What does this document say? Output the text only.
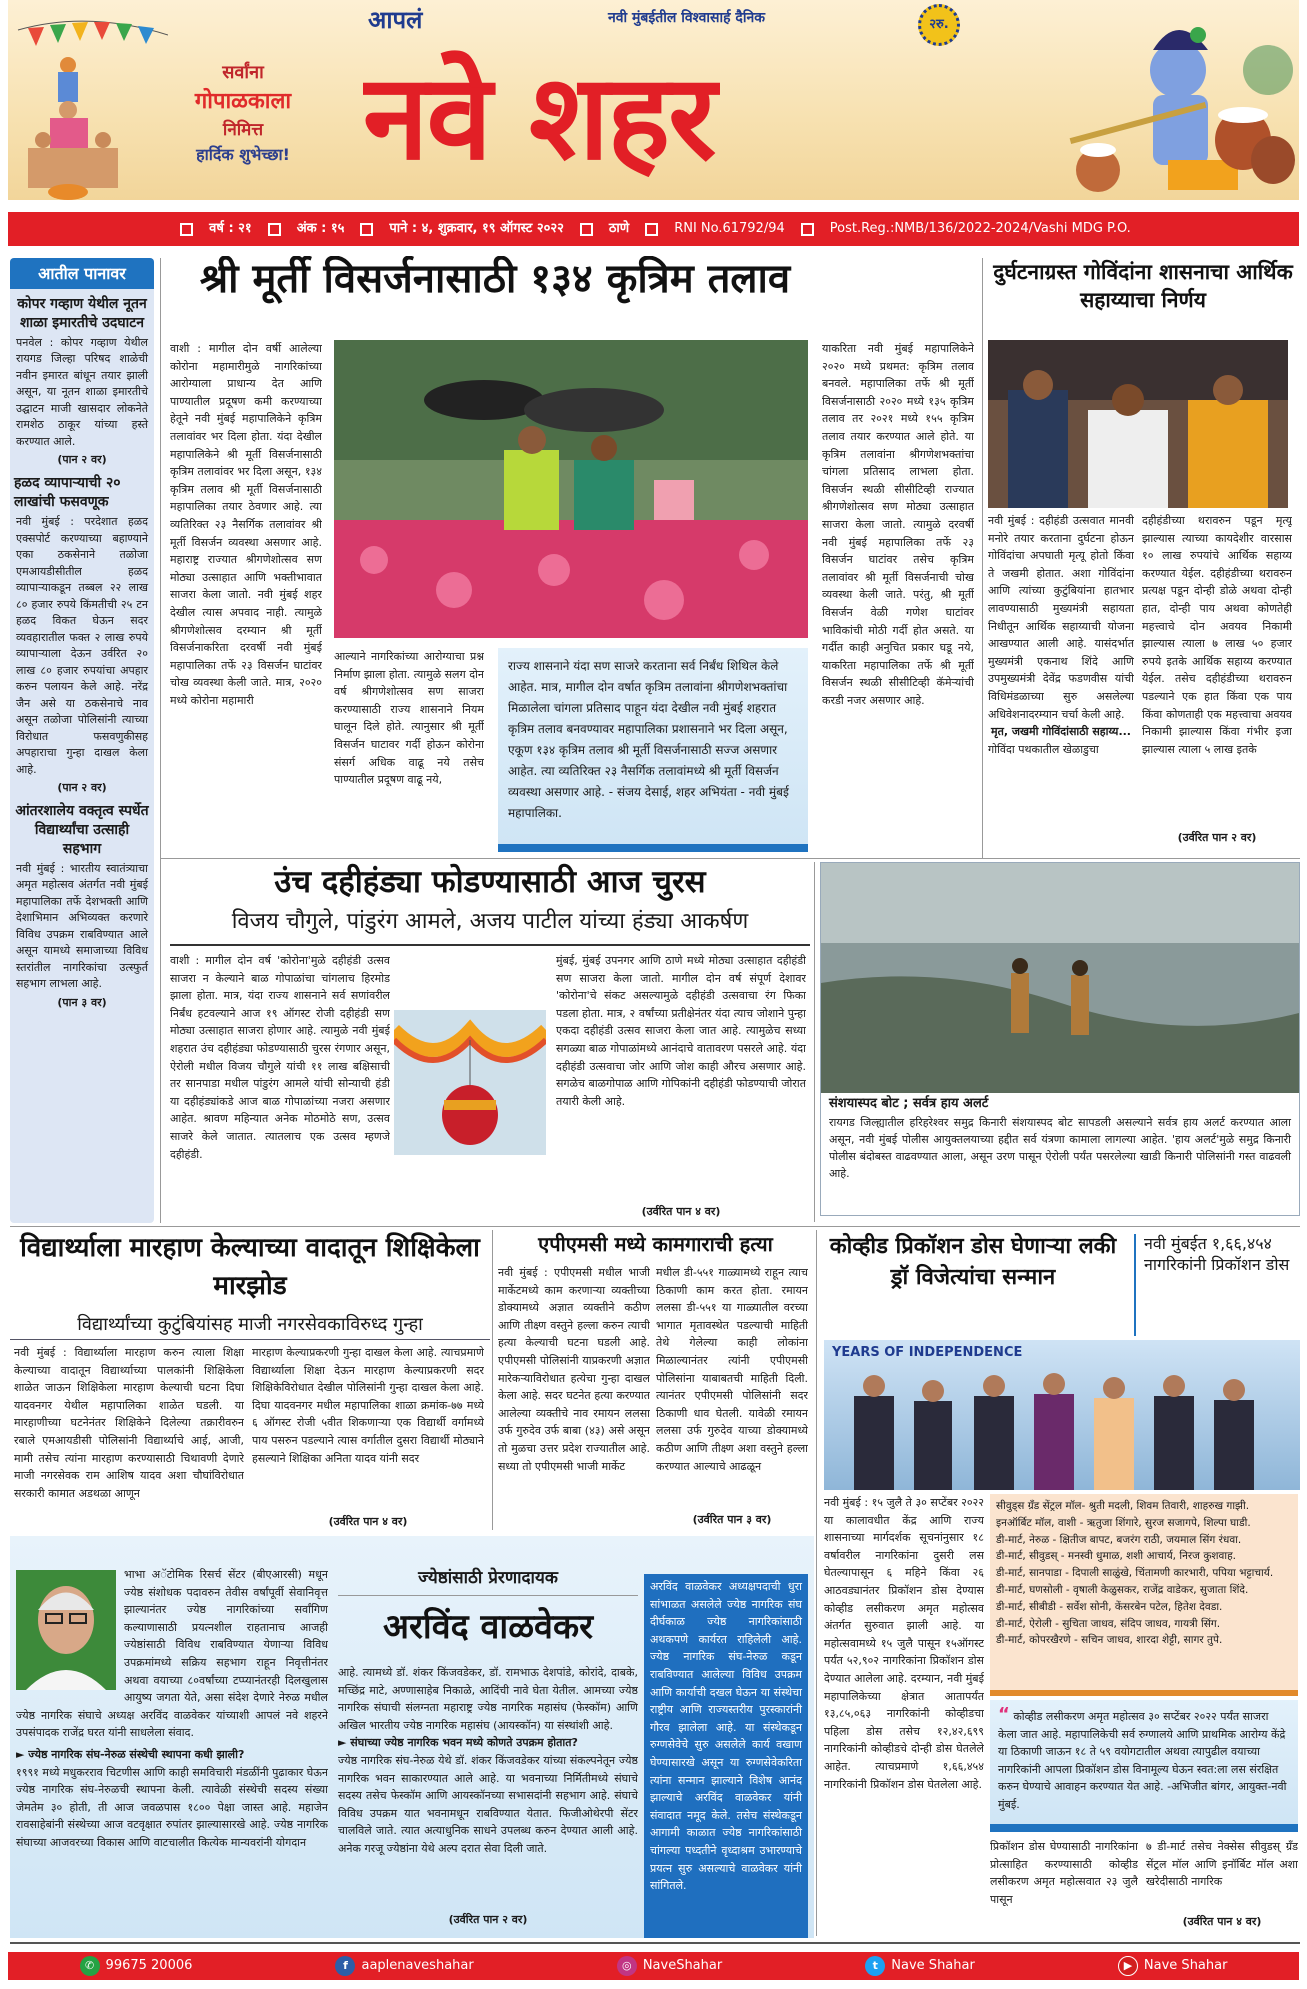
सर्वांना
गोपाळकाला
निमित्त
हार्दिक शुभेच्छा!
आपलं
नवे शहर
नवी मुंबईतील विश्वासार्ह दैनिक	२रु.
वर्ष : २१	अंक : १५	पाने : ४, शुक्रवार, १९ ऑगस्ट २०२२	ठाणे	RNI No.61792/94	Post.Reg.:NMB/136/2022-2024/Vashi MDG P.O.
आतील पानावर
कोपर गव्हाण येथील नूतन शाळा इमारतीचे उदघाटन
पनवेल : कोपर गव्हाण येथील रायगड जिल्हा परिषद शाळेची नवीन इमारत बांधून तयार झाली असून, या नूतन शाळा इमारतीचे उद्घाटन माजी खासदार लोकनेते रामशेठ ठाकूर यांच्या हस्ते करण्यात आले.
(पान २ वर)
हळद व्यापाऱ्याची २० लाखांची फसवणूक
नवी मुंबई : परदेशात हळद एक्सपोर्ट करण्याच्या बहाण्याने एका ठकसेनाने तळोजा एमआयडीसीतील हळद व्यापाऱ्याकडून तब्बल २२ लाख ८० हजार रुपये किंमतीची २५ टन हळद विकत घेऊन सदर व्यवहारातील फक्त २ लाख रुपये व्यापाऱ्याला देऊन उर्वरित २० लाख ८० हजार रुपयांचा अपहार करुन पलायन केले आहे. नरेंद्र जैन असे या ठकसेनाचे नाव असून तळोजा पोलिसांनी त्याच्या विरोधात फसवणुकीसह अपहाराचा गुन्हा दाखल केला आहे.
(पान २ वर)
आंतरशालेय वक्तृत्व स्पर्धेत विद्यार्थ्यांचा उत्साही सहभाग
नवी मुंबई : भारतीय स्वातंत्र्याचा अमृत महोत्सव अंतर्गत नवी मुंबई महापालिका तर्फे देशभक्ती आणि देशाभिमान अभिव्यक्त करणारे विविध उपक्रम राबविण्यात आले असून यामध्ये समाजाच्या विविध स्तरांतील नागरिकांचा उत्स्फुर्त सहभाग लाभला आहे.
(पान ३ वर)
श्री मूर्ती विसर्जनासाठी १३४ कृत्रिम तलाव
वाशी : मागील दोन वर्षी आलेल्या कोरोना महामारीमुळे नागरिकांच्या आरोग्याला प्राधान्य देत आणि पाण्यातील प्रदूषण कमी करण्याच्या हेतूने नवी मुंबई महापालिकेने कृत्रिम तलावांवर भर दिला होता. यंदा देखील महापालिकेने श्री मूर्ती विसर्जनासाठी कृत्रिम तलावांवर भर दिला असून, १३४ कृत्रिम तलाव श्री मूर्ती विसर्जनासाठी महापालिका तयार ठेवणार आहे. त्या व्यतिरिक्त २३ नैसर्गिक तलावांवर श्री मूर्ती विसर्जन व्यवस्था असणार आहे. महाराष्ट्र राज्यात श्रीगणेशोत्सव सण मोठ्या उत्साहात आणि भक्तीभावात साजरा केला जातो. नवी मुंबई शहर देखील त्यास अपवाद नाही. त्यामुळे श्रीगणेशोत्सव दरम्यान श्री मूर्ती विसर्जनाकरिता दरवर्षी नवी मुंबई महापालिका तर्फे २३ विसर्जन घाटांवर चोख व्यवस्था केली जाते. मात्र, २०२० मध्ये कोरोना महामारी
आल्याने नागरिकांच्या आरोग्याचा प्रश्न निर्माण झाला होता. त्यामुळे सलग दोन वर्ष श्रीगणेशोत्सव सण साजरा करण्यासाठी राज्य शासनाने नियम घालून दिले होते. त्यानुसार श्री मूर्ती विसर्जन घाटावर गर्दी होऊन कोरोना संसर्ग अधिक वाढू नये तसेच पाण्यातील प्रदूषण वाढू नये,
राज्य शासनाने यंदा सण साजरे करताना सर्व निर्बंध शिथिल केले आहेत. मात्र, मागील दोन वर्षात कृत्रिम तलावांना श्रीगणेशभक्तांचा मिळालेला चांगला प्रतिसाद पाहून यंदा देखील नवी मुंबई शहरात कृत्रिम तलाव बनवण्यावर महापालिका प्रशासनाने भर दिला असून, एकूण १३४ कृत्रिम तलाव श्री मूर्ती विसर्जनासाठी सज्ज असणार आहेत. त्या व्यतिरिक्त २३ नैसर्गिक तलावांमध्ये श्री मूर्ती विसर्जन व्यवस्था असणार आहे. - संजय देसाई, शहर अभियंता - नवी मुंबई महापालिका.
याकरिता नवी मुंबई महापालिकेने २०२० मध्ये प्रथमत: कृत्रिम तलाव बनवले. महापालिका तर्फे श्री मूर्ती विसर्जनासाठी २०२० मध्ये १३५ कृत्रिम तलाव तर २०२१ मध्ये १५५ कृत्रिम तलाव तयार करण्यात आले होते. या कृत्रिम तलावांना श्रीगणेशभक्तांचा चांगला प्रतिसाद लाभला होता. विसर्जन स्थळी सीसीटिव्ही राज्यात श्रीगणेशोत्सव सण मोठ्या उत्साहात साजरा केला जातो. त्यामुळे दरवर्षी नवी मुंबई महापालिका तर्फे २३ विसर्जन घाटांवर तसेच कृत्रिम तलावांवर श्री मूर्ती विसर्जनाची चोख व्यवस्था केली जाते. परंतु, श्री मूर्ती विसर्जन वेळी गणेश घाटांवर भाविकांची मोठी गर्दी होत असते. या गर्दीत काही अनुचित प्रकार घडू नये, याकरिता महापालिका तर्फे श्री मूर्ती विसर्जन स्थळी सीसीटिव्ही कॅमेऱ्यांची करडी नजर असणार आहे.
दुर्घटनाग्रस्त गोविंदांना शासनाचा आर्थिक सहाय्याचा निर्णय
नवी मुंबई : दहीहंडी उत्सवात मानवी मनोरे तयार करताना दुर्घटना होऊन गोविंदांचा अपघाती मृत्यू होतो किंवा ते जखमी होतात. अशा गोविंदांना आणि त्यांच्या कुटुंबियांना हातभार लावण्यासाठी मुख्यमंत्री सहायता निधीतून आर्थिक सहाय्याची योजना आखण्यात आली आहे. यासंदर्भात मुख्यमंत्री एकनाथ शिंदे आणि उपमुख्यमंत्री देवेंद्र फडणवीस यांची विधिमंडळाच्या सुरु असलेल्या अधिवेशनादरम्यान चर्चा केली आहे.
मृत, जखमी गोविंदांसाठी सहाय्य...
गोविंदा पथकातील खेळाडुचा
दहीहंडीच्या थरावरुन पडून मृत्यू झाल्यास त्याच्या कायदेशीर वारसास १० लाख रुपयांचे आर्थिक सहाय्य करण्यात येईल. दहीहंडीच्या थरावरुन प्रत्यक्ष पडून दोन्ही डोळे अथवा दोन्ही हात, दोन्ही पाय अथवा कोणतेही महत्त्वाचे दोन अवयव निकामी झाल्यास त्याला ७ लाख ५० हजार रुपये इतके आर्थिक सहाय्य करण्यात येईल. तसेच दहीहंडीच्या थरावरुन पडल्याने एक हात किंवा एक पाय किंवा कोणताही एक महत्त्वाचा अवयव निकामी झाल्यास किंवा गंभीर इजा झाल्यास त्याला ५ लाख इतके
(उर्वरित पान २ वर)
उंच दहीहंड्या फोडण्यासाठी आज चुरस
विजय चौगुले, पांडुरंग आमले, अजय पाटील यांच्या हंड्या आकर्षण
वाशी : मागील दोन वर्ष 'कोरोना'मुळे दहीहंडी उत्सव साजरा न केल्याने बाळ गोपाळांचा चांगलाच हिरमोड झाला होता. मात्र, यंदा राज्य शासनाने सर्व सणांवरील निर्बंध हटवल्याने आज १९ ऑगस्ट रोजी दहीहंडी सण मोठ्या उत्साहात साजरा होणार आहे. त्यामुळे नवी मुंबई शहरात उंच दहीहंड्या फोडण्यासाठी चुरस रंगणार असून, ऐरोली मधील विजय चौगुले यांची ११ लाख बक्षिसाची तर सानपाडा मधील पांडुरंग आमले यांची सोन्याची हंडी या दहीहंड्यांकडे आज बाळ गोपाळांच्या नजरा असणार आहेत. श्रावण महिन्यात अनेक मोठमोठे सण, उत्सव साजरे केले जातात. त्यातलाच एक उत्सव म्हणजे दहीहंडी.
मुंबई, मुंबई उपनगर आणि ठाणे मध्ये मोठ्या उत्साहात दहीहंडी सण साजरा केला जातो. मागील दोन वर्ष संपूर्ण देशावर 'कोरोना'चे संकट असल्यामुळे दहीहंडी उत्सवाचा रंग फिका पडला होता. मात्र, २ वर्षांच्या प्रतीक्षेनंतर यंदा त्याच जोशाने पुन्हा एकदा दहीहंडी उत्सव साजरा केला जात आहे. त्यामुळेच सध्या सगळ्या बाळ गोपाळांमध्ये आनंदाचे वातावरण पसरले आहे. यंदा दहीहंडी उत्सवाचा जोर आणि जोश काही औरच असणार आहे. सगळेच बाळगोपाळ आणि गोपिकांनी दहीहंडी फोडण्याची जोरात तयारी केली आहे.
(उर्वरित पान ४ वर)
संशयास्पद बोट ; सर्वत्र हाय अलर्ट
रायगड जिल्ह्यातील हरिहरेश्वर समुद्र किनारी संशयास्पद बोट सापडली असल्याने सर्वत्र हाय अलर्ट करण्यात आला असून, नवी मुंबई पोलीस आयुक्तलयाच्या हद्दीत सर्व यंत्रणा कामाला लागल्या आहेत. 'हाय अलर्ट'मुळे समुद्र किनारी पोलीस बंदोबस्त वाढवण्यात आला, असून उरण पासून ऐरोली पर्यंत पसरलेल्या खाडी किनारी पोलिसांनी गस्त वाढवली आहे.
विद्यार्थ्याला मारहाण केल्याच्या वादातून शिक्षिकेला मारझोड
विद्यार्थ्यांच्या कुटुंबियांसह माजी नगरसेवकाविरुध्द गुन्हा
नवी मुंबई : विद्यार्थ्याला मारहाण करुन त्याला शिक्षा केल्याच्या वादातून विद्यार्थ्याच्या पालकांनी शिक्षिकेला शाळेत जाऊन शिक्षिकेला मारहाण केल्याची घटना दिघा यादवनगर येथील महापालिका शाळेत घडली. या मारहाणीच्या घटनेनंतर शिक्षिकेने दिलेल्या तक्रारीवरुन रबाले एमआयडीसी पोलिसांनी विद्यार्थ्याचे आई, आजी, मामी तसेच त्यांना मारहाण करण्यासाठी चिथावणी देणारे माजी नगरसेवक राम आशिष यादव अशा चौघांविरोधात सरकारी कामात अडथळा आणून
मारहाण केल्याप्रकरणी गुन्हा दाखल केला आहे. त्याचप्रमाणे विद्यार्थ्याला शिक्षा देऊन मारहाण केल्याप्रकरणी सदर शिक्षिकेविरोधात देखील पोलिसांनी गुन्हा दाखल केला आहे. दिघा यादवनगर मधील महापालिका शाळा क्रमांक-७७ मध्ये ६ ऑगस्ट रोजी ५वीत शिकणाऱ्या एक विद्यार्थी वर्गामध्ये पाय पसरुन पडल्याने त्यास वर्गातील दुसरा विद्यार्थी मोठ्याने हसल्याने शिक्षिका अनिता यादव यांनी सदर
(उर्वरित पान ४ वर)
एपीएमसी मध्ये कामगाराची हत्या
नवी मुंबई : एपीएमसी मधील भाजी मार्केटमध्ये काम करणाऱ्या व्यक्तीच्या डोक्यामध्ये अज्ञात व्यक्तीने कठीण आणि तीक्ष्ण वस्तुने हल्ला करुन त्याची हत्या केल्याची घटना घडली आहे. एपीएमसी पोलिसांनी याप्रकरणी अज्ञात मारेकऱ्याविरोधात हत्येचा गुन्हा दाखल केला आहे. सदर घटनेत हत्या करण्यात आलेल्या व्यक्तीचे नाव रमायन ललसा उर्फ गुरुदेव उर्फ बाबा (४३) असे असून तो मुळचा उत्तर प्रदेश राज्यातील आहे. सध्या तो एपीएमसी भाजी मार्केट
मधील डी-५५१ गाळ्यामध्ये राहून त्याच ठिकाणी काम करत होता. रमायन ललसा डी-५५१ या गाळ्यातील वरच्या भागात मृतावस्थेत पडल्याची माहिती तेथे गेलेल्या काही लोकांना मिळाल्यानंतर त्यांनी एपीएमसी पोलिसांना याबाबतची माहिती दिली. त्यानंतर एपीएमसी पोलिसांनी सदर ठिकाणी धाव घेतली. यावेळी रमायन ललसा उर्फ गुरुदेव याच्या डोक्यामध्ये कठीण आणि तीक्ष्ण अशा वस्तुने हल्ला करण्यात आल्याचे आढळून
(उर्वरित पान ३ वर)
कोव्हीड प्रिकॉशन डोस घेणाऱ्या लकी ड्रॉ विजेत्यांचा सन्मान
नवी मुंबईत १,६६,४५४ नागरिकांनी प्रिकॉशन डोस
YEARS OF INDEPENDENCE
नवी मुंबई : १५ जुलै ते ३० सप्टेंबर २०२२ या कालावधीत केंद्र आणि राज्य शासनाच्या मार्गदर्शक सूचनांनुसार १८ वर्षावरील नागरिकांना दुसरी लस घेतल्यापासून ६ महिने किंवा २६ आठवड्यानंतर प्रिकॉशन डोस देण्यास कोव्हीड लसीकरण अमृत महोत्सव अंतर्गत सुरुवात झाली आहे. या महोत्सवामध्ये १५ जुलै पासून १५ऑगस्ट पर्यंत ५२,९०२ नागरिकांना प्रिकॉशन डोस देण्यात आलेला आहे. दरम्यान, नवी मुंबई महापालिकेच्या क्षेत्रात आतापर्यंत १३,८५,०६३ नागरिकांनी कोव्हीडचा पहिला डोस तसेच १२,४२,६९९ नागरिकांनी कोव्हीडचे दोन्ही डोस घेतलेले आहेत. त्याचप्रमाणे १,६६,४५४ नागरिकांनी प्रिकॉशन डोस घेतलेला आहे.
सीवुड्स ग्रँड सेंट्रल मॉल- श्रुती मदली, शिवम तिवारी, शाहरुख गाझी.
इनऑर्बिट मॉल, वाशी - ऋतुजा शिंगारे, सुरज सजागपे, शिल्पा घाडी.
डी-मार्ट, नेरुळ - क्षितीज बापट, बजरंग राठी, जयमाल सिंग रंधवा.
डी-मार्ट, सीवुडस् - मनस्वी धुमाळ, शशी आचार्य, निरज कुशवाह.
डी-मार्ट, सानपाडा - दिपाली साळुंखे, चिंतामणी कारभारी, पपिया भट्टाचार्य.
डी-मार्ट, घणसोली - वृषाली केळुसकर, राजेंद्र वाडेकर, सुजाता शिंदे.
डी-मार्ट, सीबीडी - सर्वेश सोनी, केंसरबेन पटेल, हितेश देवडा.
डी-मार्ट, ऐरोली - सुचिता जाधव, संदिप जाधव, गायत्री सिंग.
डी-मार्ट, कोपरखैरणे - सचिन जाधव, शारदा शेट्टी, सागर तुपे.
“ कोव्हीड लसीकरण अमृत महोत्सव ३० सप्टेंबर २०२२ पर्यंत साजरा केला जात आहे. महापालिकेची सर्व रुग्णालये आणि प्राथमिक आरोग्य केंद्रे या ठिकाणी जाऊन १८ ते ५९ वयोगटातील अथवा त्यापुढील वयाच्या नागरिकांनी आपला प्रिकॉशन डोस विनामूल्य घेऊन स्वत:ला लस संरक्षित करुन घेण्याचे आवाहन करण्यात येत आहे. -अभिजीत बांगर, आयुक्त-नवी मुंबई.
प्रिकॉशन डोस घेण्यासाठी नागरिकांना प्रोत्साहित करण्यासाठी कोव्हीड लसीकरण अमृत महोत्सवात २३ जुलै पासून
७ डी-मार्ट तसेच नेक्सेस सीवुडस् ग्रँड सेंट्रल मॉल आणि इनॉर्बिट मॉल अशा खरेदीसाठी नागरिक
(उर्वरित पान ४ वर)
भाभा अॅटोमिक रिसर्च सेंटर (बीएआरसी) मधून ज्येष्ठ संशोधक पदावरुन तेवीस वर्षांपूर्वी सेवानिवृत्त झाल्यानंतर ज्येष्ठ नागरिकांच्या सर्वांगिण कल्याणासाठी प्रयत्नशील राहतानाच आजही ज्येष्ठांसाठी विविध राबविण्यात येणाऱ्या विविध उपक्रमांमध्ये सक्रिय सहभाग राहून निवृत्तीनंतर अथवा वयाच्या ८०वर्षांच्या टप्प्यानंतरही दिलखुलास आयुष्य जगता येते, असा संदेश देणारे नेरुळ मधील ज्येष्ठ नागरिक संघाचे अध्यक्ष अरविंद वाळवेकर यांच्याशी आपलं नवे शहरने उपसंपादक राजेंद्र घरत यांनी साधलेला संवाद.
► ज्येष्ठ नागरिक संघ-नेरुळ संस्थेची स्थापना कधी झाली?
१९९१ मध्ये मधुकरराव चिटणीस आणि काही समविचारी मंडळींनी पुढाकार घेऊन ज्येष्ठ नागरिक संघ-नेरुळची स्थापना केली. त्यावेळी संस्थेची सदस्य संख्या जेमतेम ३० होती, ती आज जवळपास १८०० पेक्षा जास्त आहे. महाजेन रावसाहेबांनी संस्थेच्या आज वटवृक्षात रुपांतर झाल्यासारखे आहे. ज्येष्ठ नागरिक संघाच्या आजवरच्या विकास आणि वाटचालीत कित्येक मान्यवरांनी योगदान
ज्येष्ठांसाठी प्रेरणादायक
अरविंद वाळवेकर
आहे. त्यामध्ये डॉ. शंकर किंजवडेकर, डॉ. रामभाऊ देशपांडे, कोरांदे, दाबके, मच्छिंद्र माटे, अण्णासाहेब निकाळे, आदिंची नावे घेता येतील. आमच्या ज्येष्ठ नागरिक संघाची संलग्नता महाराष्ट्र ज्येष्ठ नागरिक महासंघ (फेस्कॉम) आणि अखिल भारतीय ज्येष्ठ नागरिक महासंघ (आयस्कॉन) या संस्थांशी आहे.
► संघाच्या ज्येष्ठ नागरिक भवन मध्ये कोणते उपक्रम होतात?
ज्येष्ठ नागरिक संघ-नेरुळ येथे डॉ. शंकर किंजवडेकर यांच्या संकल्पनेतून ज्येष्ठ नागरिक भवन साकारण्यात आले आहे. या भवनाच्या निर्मितीमध्ये संघाचे सदस्य तसेच फेस्कॉम आणि आयस्कॉनच्या सभासदांनी सहभाग आहे. संघाचे विविध उपक्रम यात भवनामधून राबविण्यात येतात. फिजीओथेरपी सेंटर चालविले जाते. त्यात अत्याधुनिक साधने उपलब्ध करुन देण्यात आली आहे. अनेक गरजू ज्येष्ठांना येथे अल्प दरात सेवा दिली जाते.
(उर्वरित पान २ वर)
अरविंद वाळवेकर अध्यक्षपदाची धुरा सांभाळत असलेले ज्येष्ठ नागरिक संघ दीर्घकाळ ज्येष्ठ नागरिकांसाठी अथकपणे कार्यरत राहिलेली आहे. ज्येष्ठ नागरिक संघ-नेरुळ कडून राबविण्यात आलेल्या विविध उपक्रम आणि कार्याची दखल घेऊन या संस्थेचा राष्ट्रीय आणि राज्यस्तरीय पुरस्कारांनी गौरव झालेला आहे. या संस्थेकडून रुग्णसेवेचे सुरु असलेले कार्य वखाण घेण्यासारखे असून या रुग्णसेवेकरिता त्यांना सन्मान झाल्याने विशेष आनंद झाल्याचे अरविंद वाळवेकर यांनी संवादात नमूद केले. तसेच संस्थेकडून आगामी काळात ज्येष्ठ नागरिकांसाठी चांगल्या पध्दतीने वृध्दाश्रम उभारण्याचे प्रयत्न सुरु असल्याचे वाळवेकर यांनी सांगितले.
✆ 99675 20006	f	aaplenaveshahar	◎ NaveShahar	t	Nave Shahar	▶ Nave Shahar
